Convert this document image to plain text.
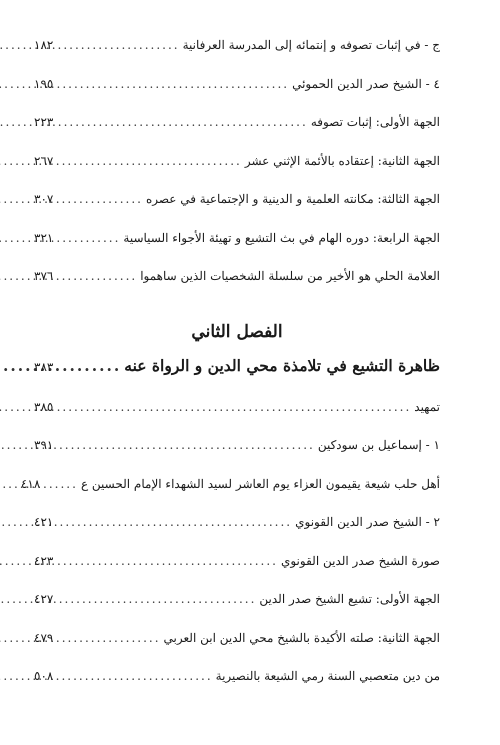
ج - في إثبات تصوفه و إنتمائه إلى المدرسة العرفانية
.....
١٨٢
٤ - الشيخ صدر الدين الحموئي
.....
١٩٥
الجهة الأولى: إثبات تصوفه
.....
٢٢٣
الجهة الثانية: إعتقاده بالأئمة الإثني عشر
.....
٢٦٧
الجهة الثالثة: مكانته العلمية و الدينية و الإجتماعية في عصره
.....
٣٠٧
الجهة الرابعة: دوره الهام في بث التشيع و تهيئة الأجواء السياسية
.....
٣٢١
العلامة الحلي هو الأخير من سلسلة الشخصيات الذين ساهموا
.....
٣٧٦
الفصل الثاني
ظاهرة التشيع في تلامذة محي الدين و الرواة عنه
.....
٣٨٣
تمهيد
.....
٣٨٥
١ - إسماعيل بن سودكين
.....
٣٩١
أهل حلب شيعة يقيمون العزاء يوم العاشر لسيد الشهداء الإمام الحسين ع
.....
٤١٨
٢ - الشيخ صدر الدين القونوي
.....
٤٢١
صورة الشيخ صدر الدين القونوي
.....
٤٢٣
الجهة الأولى: تشيع الشيخ صدر الدين
.....
٤٢٧
الجهة الثانية: صلته الأكيدة بالشيخ محي الدين ابن العربي
.....
٤٧٩
من دين متعصبي السنة رمي الشيعة بالنصيرية
.....
٥٠٨
